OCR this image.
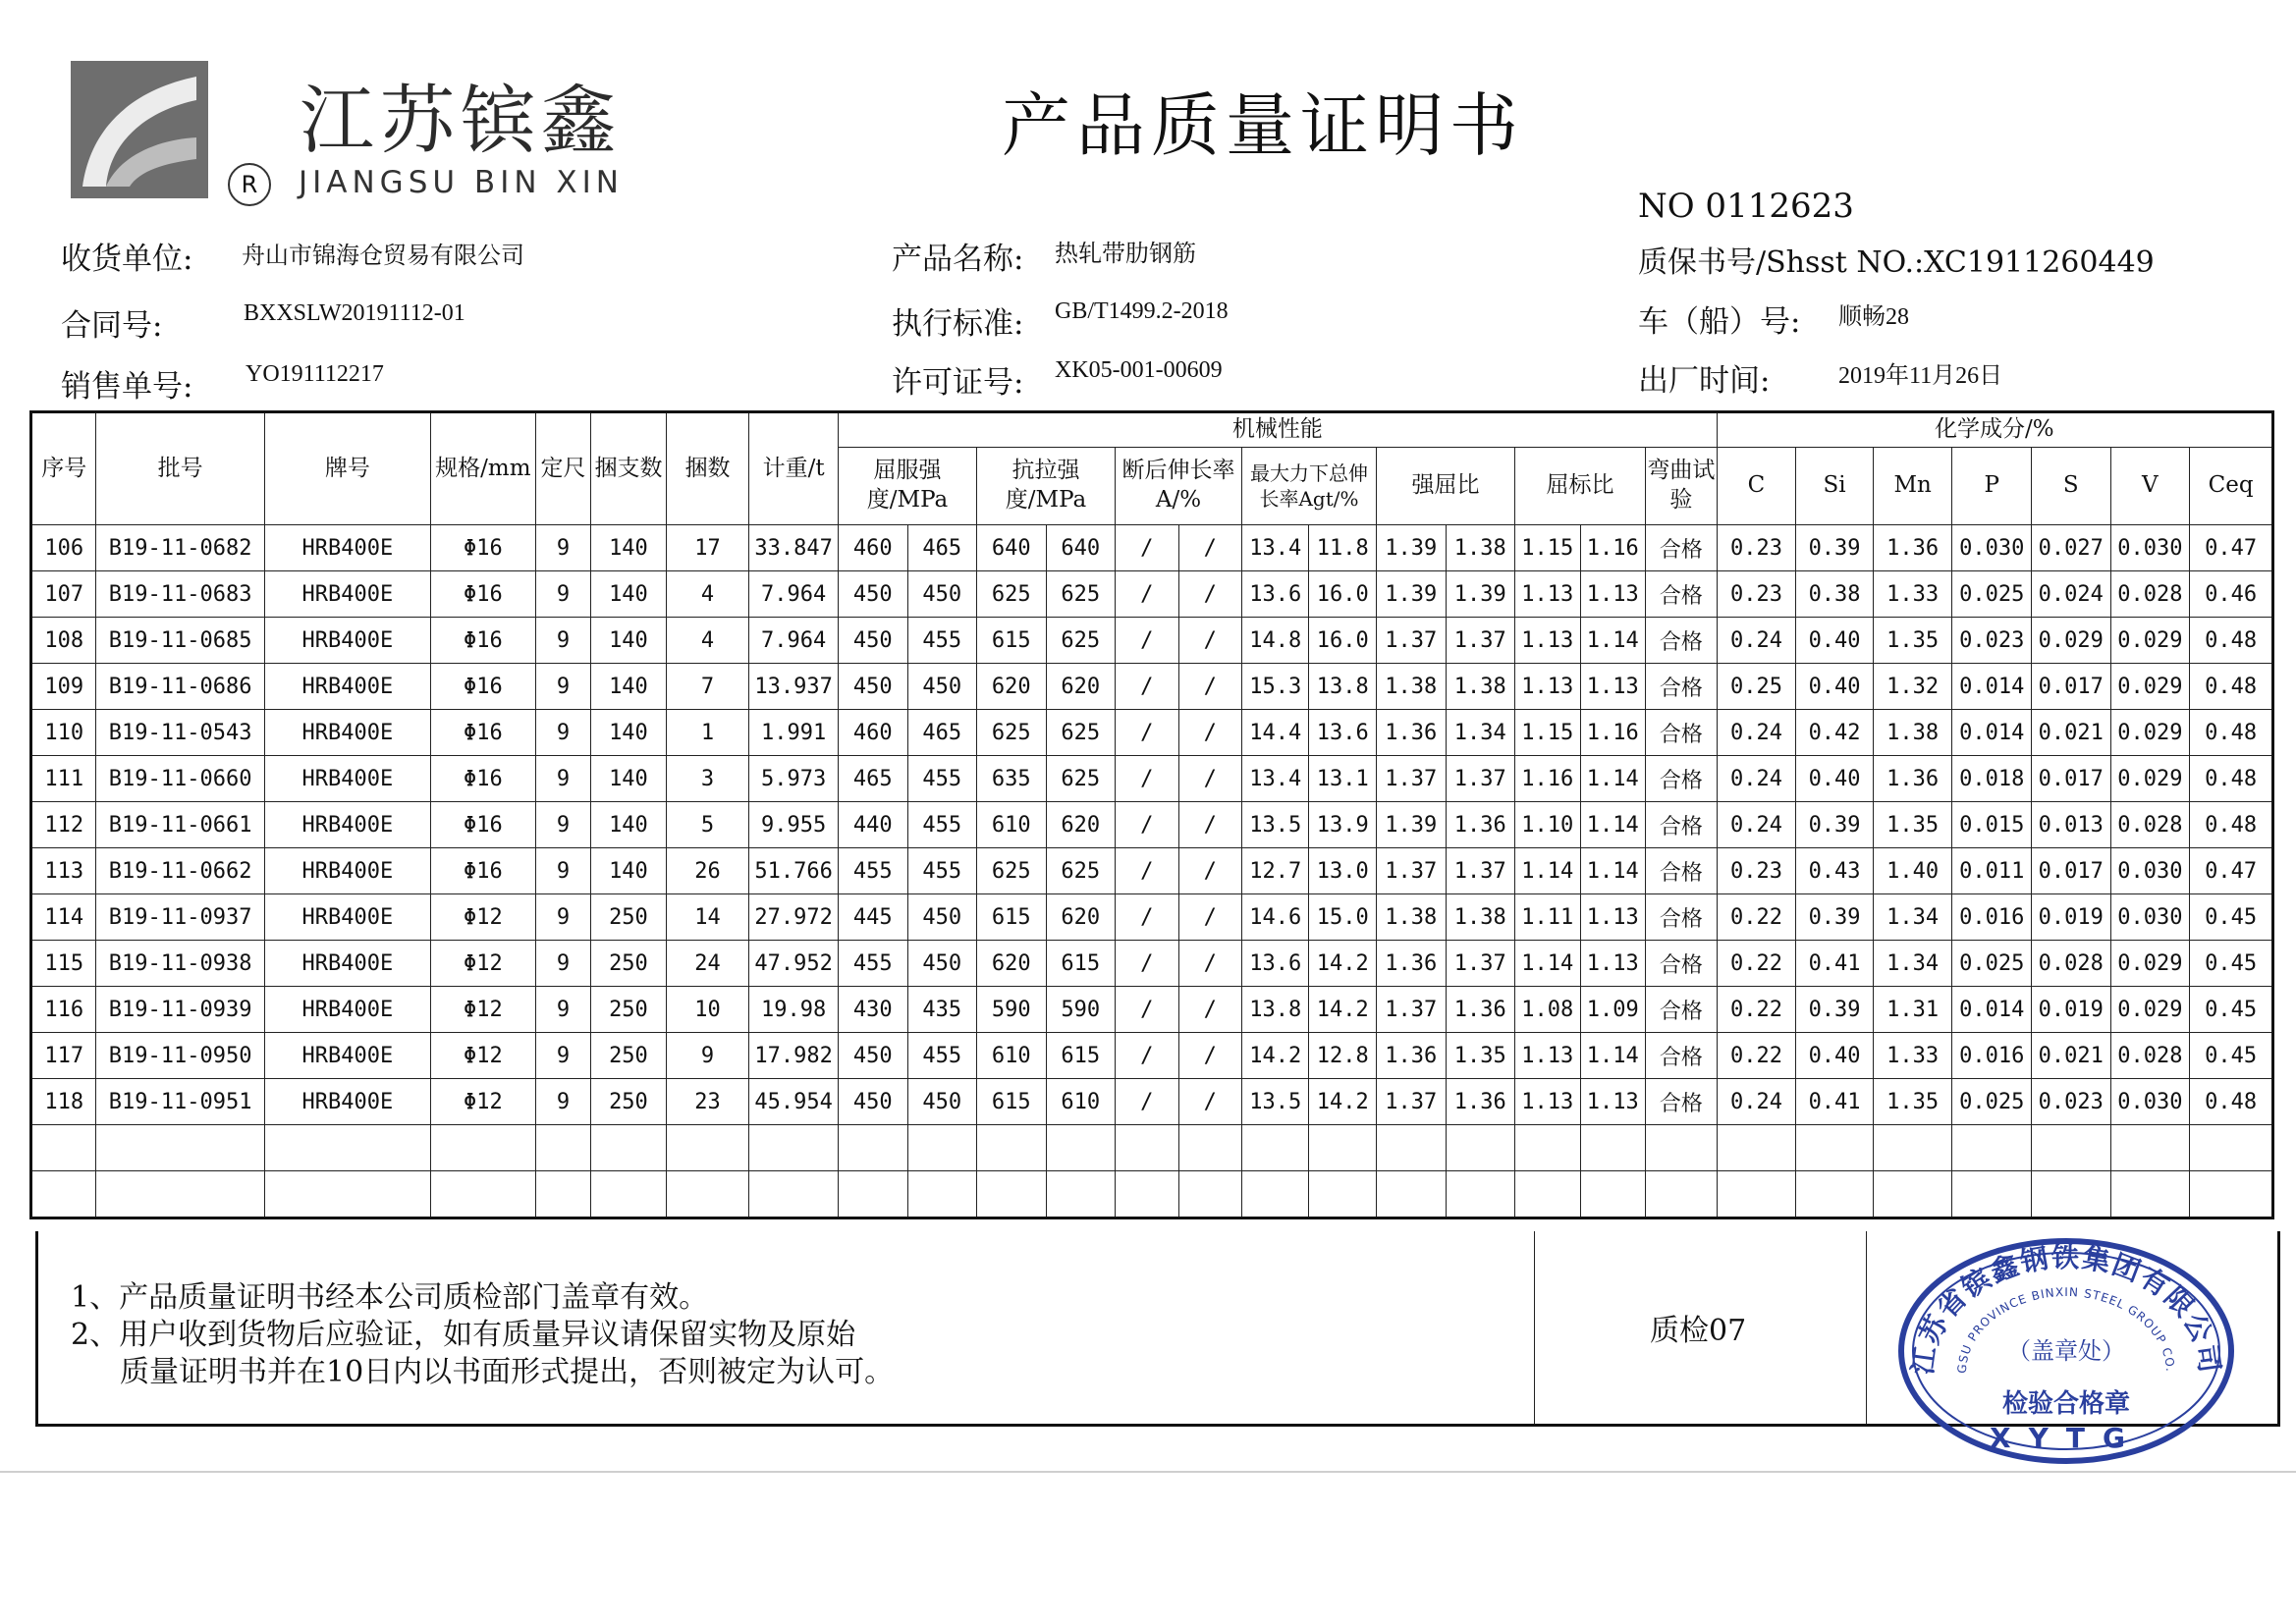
江苏镔鑫
R	JIANGSU BIN XIN
产品质量证明书
NO 0112623
收货单位: 舟山市锦海仓贸易有限公司
合同号:	BXXSLW20191112-01
销售单号: YO191112217
产品名称: 热轧带肋钢筋
执行标准: GB/T1499.2-2018
许可证号: XK05-001-00609
质保书号/Shsst NO.:XC1911260449
车（船）号: 顺畅28
出厂时间:	2019年11月26日
序号	批号	牌号	规格/mm	定尺	捆支数	捆数	计重/t	机械性能													化学成分/%						
								屈服强度/MPa		抗拉强度/MPa		断后伸长率A/%		最大力下总伸长率Agt/%		强屈比		屈标比		弯曲试验	C	Si	Mn	P	S	V	Ceq
106	B19-11-0682	HRB400E	Φ16	9	140	17	33.847	460	465	640	640	/	/	13.4	11.8	1.39	1.38	1.15	1.16	合格	0.23	0.39	1.36	0.030	0.027	0.030	0.47
107	B19-11-0683	HRB400E	Φ16	9	140	4	7.964	450	450	625	625	/	/	13.6	16.0	1.39	1.39	1.13	1.13	合格	0.23	0.38	1.33	0.025	0.024	0.028	0.46
108	B19-11-0685	HRB400E	Φ16	9	140	4	7.964	450	455	615	625	/	/	14.8	16.0	1.37	1.37	1.13	1.14	合格	0.24	0.40	1.35	0.023	0.029	0.029	0.48
109	B19-11-0686	HRB400E	Φ16	9	140	7	13.937	450	450	620	620	/	/	15.3	13.8	1.38	1.38	1.13	1.13	合格	0.25	0.40	1.32	0.014	0.017	0.029	0.48
110	B19-11-0543	HRB400E	Φ16	9	140	1	1.991	460	465	625	625	/	/	14.4	13.6	1.36	1.34	1.15	1.16	合格	0.24	0.42	1.38	0.014	0.021	0.029	0.48
111	B19-11-0660	HRB400E	Φ16	9	140	3	5.973	465	455	635	625	/	/	13.4	13.1	1.37	1.37	1.16	1.14	合格	0.24	0.40	1.36	0.018	0.017	0.029	0.48
112	B19-11-0661	HRB400E	Φ16	9	140	5	9.955	440	455	610	620	/	/	13.5	13.9	1.39	1.36	1.10	1.14	合格	0.24	0.39	1.35	0.015	0.013	0.028	0.48
113	B19-11-0662	HRB400E	Φ16	9	140	26	51.766	455	455	625	625	/	/	12.7	13.0	1.37	1.37	1.14	1.14	合格	0.23	0.43	1.40	0.011	0.017	0.030	0.47
114	B19-11-0937	HRB400E	Φ12	9	250	14	27.972	445	450	615	620	/	/	14.6	15.0	1.38	1.38	1.11	1.13	合格	0.22	0.39	1.34	0.016	0.019	0.030	0.45
115	B19-11-0938	HRB400E	Φ12	9	250	24	47.952	455	450	620	615	/	/	13.6	14.2	1.36	1.37	1.14	1.13	合格	0.22	0.41	1.34	0.025	0.028	0.029	0.45
116	B19-11-0939	HRB400E	Φ12	9	250	10	19.98	430	435	590	590	/	/	13.8	14.2	1.37	1.36	1.08	1.09	合格	0.22	0.39	1.31	0.014	0.019	0.029	0.45
117	B19-11-0950	HRB400E	Φ12	9	250	9	17.982	450	455	610	615	/	/	14.2	12.8	1.36	1.35	1.13	1.14	合格	0.22	0.40	1.33	0.016	0.021	0.028	0.45
118	B19-11-0951	HRB400E	Φ12	9	250	23	45.954	450	450	615	610	/	/	13.5	14.2	1.37	1.36	1.13	1.13	合格	0.24	0.41	1.35	0.025	0.023	0.030	0.48

1、产品质量证明书经本公司质检部门盖章有效。
2、用户收到货物后应验证，如有质量异议请保留实物及原始
质量证明书并在10日内以书面形式提出，否则被定为认可。
质检07
江苏省镔鑫钢铁集团有限公司
GSU PROVINCE BINXIN STEEL GROUP CO.
（盖章处）
检验合格章
XYTG
